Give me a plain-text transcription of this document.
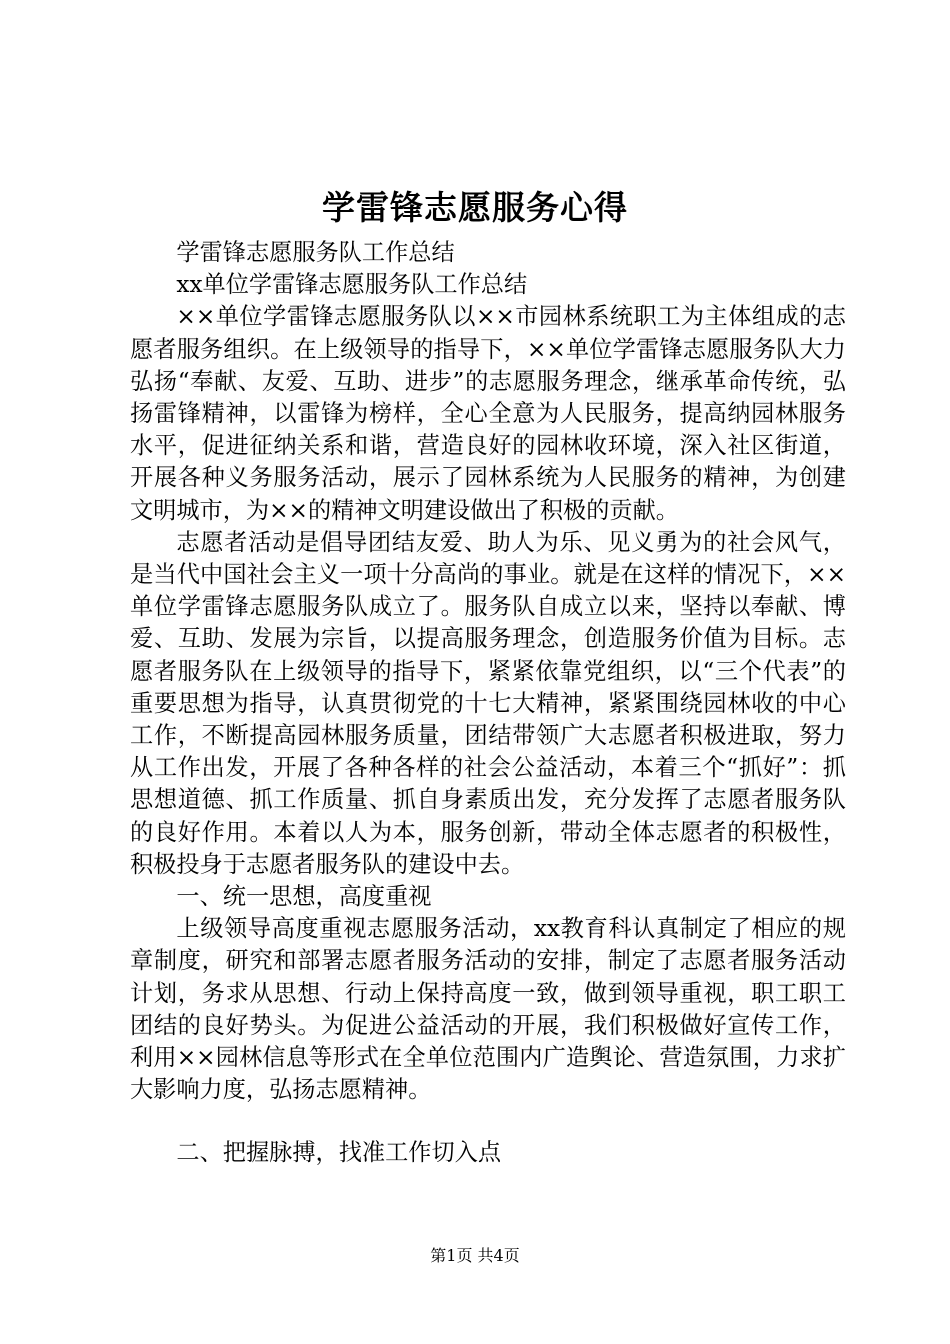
学雷锋志愿服务心得

学雷锋志愿服务队工作总结

xx单位学雷锋志愿服务队工作总结

××单位学雷锋志愿服务队以××市园林系统职工为主体组成的志愿者服务组织。在上级领导的指导下，××单位学雷锋志愿服务队大力弘扬“奉献、友爱、互助、进步”的志愿服务理念，继承革命传统，弘扬雷锋精神，以雷锋为榜样，全心全意为人民服务，提高纳园林服务水平，促进征纳关系和谐，营造良好的园林收环境，深入社区街道，开展各种义务服务活动，展示了园林系统为人民服务的精神，为创建文明城市，为××的精神文明建设做出了积极的贡献。

志愿者活动是倡导团结友爱、助人为乐、见义勇为的社会风气，是当代中国社会主义一项十分高尚的事业。就是在这样的情况下，××单位学雷锋志愿服务队成立了。服务队自成立以来，坚持以奉献、博爱、互助、发展为宗旨，以提高服务理念，创造服务价值为目标。志愿者服务队在上级领导的指导下，紧紧依靠党组织，以“三个代表”的重要思想为指导，认真贯彻党的十七大精神，紧紧围绕园林收的中心工作，不断提高园林服务质量，团结带领广大志愿者积极进取，努力从工作出发，开展了各种各样的社会公益活动，本着三个“抓好”：抓思想道德、抓工作质量、抓自身素质出发，充分发挥了志愿者服务队的良好作用。本着以人为本，服务创新，带动全体志愿者的积极性，积极投身于志愿者服务队的建设中去。

一、统一思想，高度重视

上级领导高度重视志愿服务活动，xx教育科认真制定了相应的规章制度，研究和部署志愿者服务活动的安排，制定了志愿者服务活动计划，务求从思想、行动上保持高度一致，做到领导重视，职工职工团结的良好势头。为促进公益活动的开展，我们积极做好宣传工作，利用××园林信息等形式在全单位范围内广造舆论、营造氛围，力求扩大影响力度，弘扬志愿精神。

二、把握脉搏，找准工作切入点

第1页 共4页
